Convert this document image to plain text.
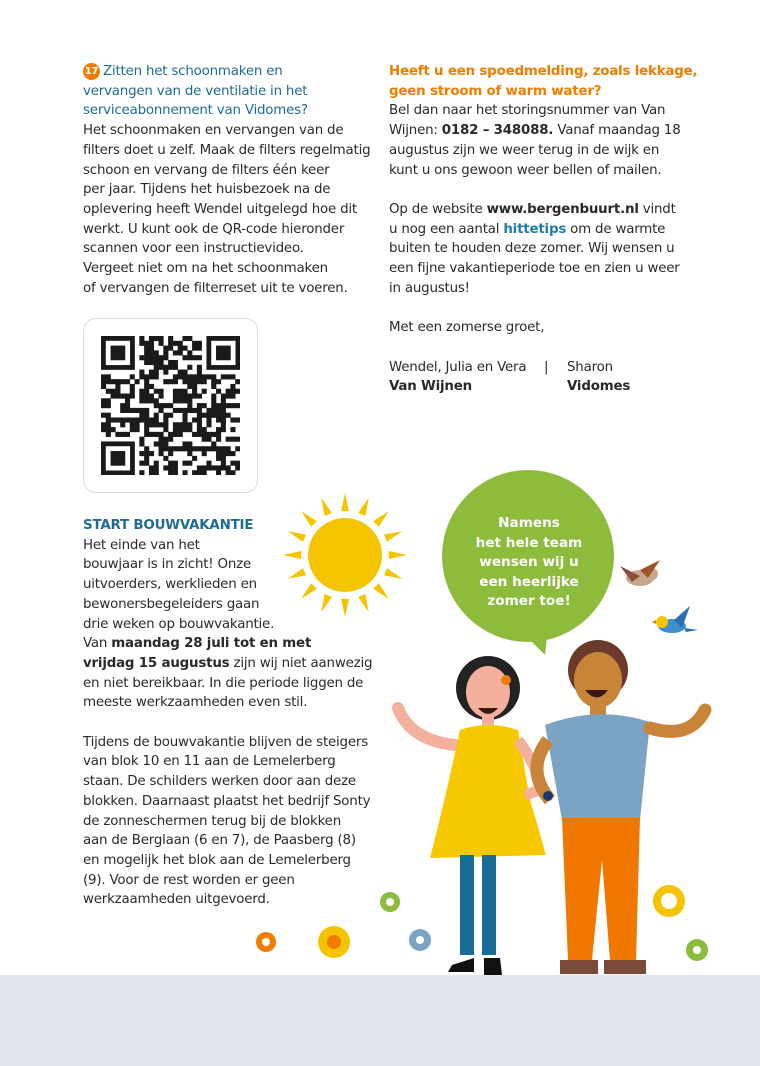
17 Zitten het schoonmaken en
vervangen van de ventilatie in het
serviceabonnement van Vidomes?
Het schoonmaken en vervangen van de
filters doet u zelf. Maak de filters regelmatig
schoon en vervang de filters één keer
per jaar. Tijdens het huisbezoek na de
oplevering heeft Wendel uitgelegd hoe dit
werkt. U kunt ook de QR-code hieronder
scannen voor een instructievideo.
Vergeet niet om na het schoonmaken
of vervangen de filterreset uit te voeren.
START BOUWVAKANTIE
Het einde van het
bouwjaar is in zicht! Onze
uitvoerders, werklieden en
bewonersbegeleiders gaan
drie weken op bouwvakantie.
Van maandag 28 juli tot en met
vrijdag 15 augustus zijn wij niet aanwezig
en niet bereikbaar. In die periode liggen de
meeste werkzaamheden even stil.
Tijdens de bouwvakantie blijven de steigers
van blok 10 en 11 aan de Lemelerberg
staan. De schilders werken door aan deze
blokken. Daarnaast plaatst het bedrijf Sonty
de zonneschermen terug bij de blokken
aan de Berglaan (6 en 7), de Paasberg (8)
en mogelijk het blok aan de Lemelerberg
(9). Voor de rest worden er geen
werkzaamheden uitgevoerd.
Heeft u een spoedmelding, zoals lekkage,
geen stroom of warm water?
Bel dan naar het storingsnummer van Van
Wijnen: 0182 – 348088. Vanaf maandag 18
augustus zijn we weer terug in de wijk en
kunt u ons gewoon weer bellen of mailen.
Op de website www.bergenbuurt.nl vindt
u nog een aantal hittetips om de warmte
buiten te houden deze zomer. Wij wensen u
een fijne vakantieperiode toe en zien u weer
in augustus!
Met een zomerse groet,
Wendel, Julia en Vera | Sharon
Van Wijnen	Vidomes
Namens
het hele team
wensen wij u
een heerlijke
zomer toe!
